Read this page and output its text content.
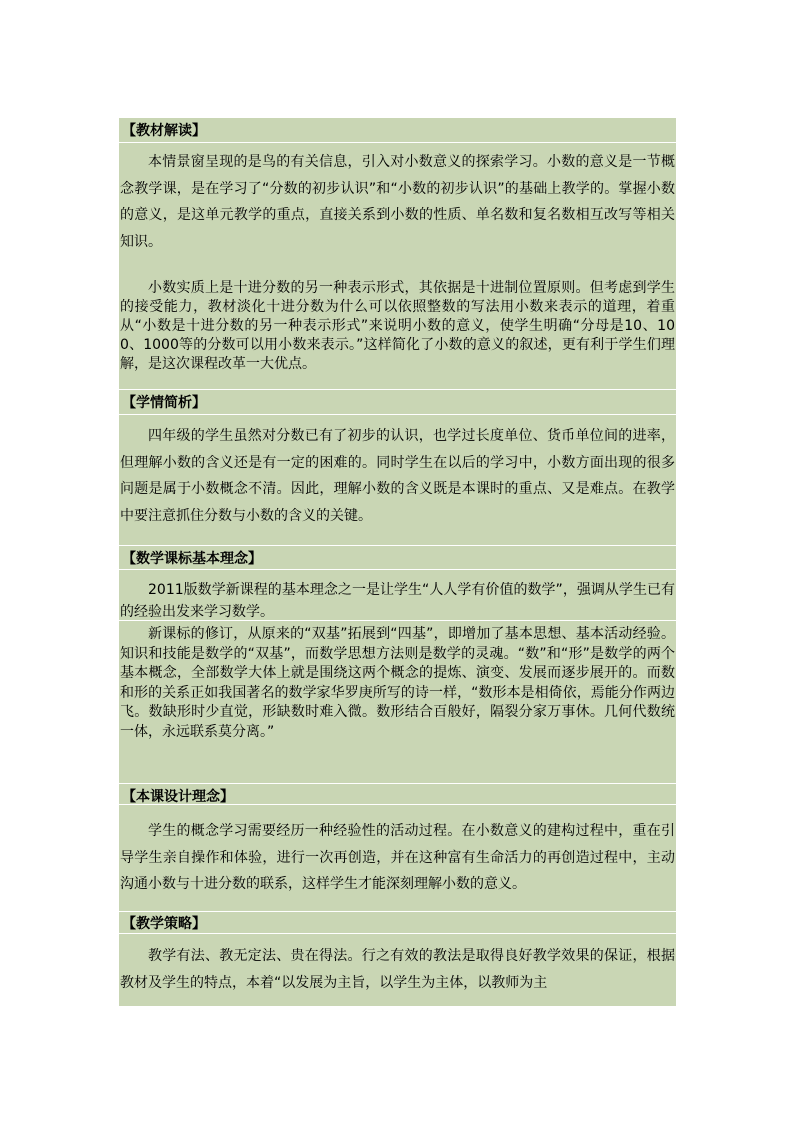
【教材解读】

本情景窗呈现的是鸟的有关信息，引入对小数意义的探索学习。小数的意义是一节概念教学课，是在学习了“分数的初步认识”和“小数的初步认识”的基础上教学的。掌握小数的意义，是这单元教学的重点，直接关系到小数的性质、单名数和复名数相互改写等相关知识。

小数实质上是十进分数的另一种表示形式，其依据是十进制位置原则。但考虑到学生的接受能力，教材淡化十进分数为什么可以依照整数的写法用小数来表示的道理，着重从“小数是十进分数的另一种表示形式”来说明小数的意义，使学生明确“分母是10、100、1000等的分数可以用小数来表示。”这样简化了小数的意义的叙述，更有利于学生们理解，是这次课程改革一大优点。

【学情简析】

四年级的学生虽然对分数已有了初步的认识，也学过长度单位、货币单位间的进率，但理解小数的含义还是有一定的困难的。同时学生在以后的学习中，小数方面出现的很多问题是属于小数概念不清。因此，理解小数的含义既是本课时的重点、又是难点。在教学中要注意抓住分数与小数的含义的关键。

【数学课标基本理念】

2011版数学新课程的基本理念之一是让学生“人人学有价值的数学”，强调从学生已有的经验出发来学习数学。

新课标的修订，从原来的“双基”拓展到“四基”，即增加了基本思想、基本活动经验。知识和技能是数学的“双基”，而数学思想方法则是数学的灵魂。“数”和“形”是数学的两个基本概念，全部数学大体上就是围绕这两个概念的提炼、演变、发展而逐步展开的。而数和形的关系正如我国著名的数学家华罗庚所写的诗一样，“数形本是相倚依，焉能分作两边飞。数缺形时少直觉，形缺数时难入微。数形结合百般好，隔裂分家万事休。几何代数统一体，永远联系莫分离。”

【本课设计理念】

学生的概念学习需要经历一种经验性的活动过程。在小数意义的建构过程中，重在引导学生亲自操作和体验，进行一次再创造，并在这种富有生命活力的再创造过程中，主动沟通小数与十进分数的联系，这样学生才能深刻理解小数的意义。

【教学策略】

教学有法、教无定法、贵在得法。行之有效的教法是取得良好教学效果的保证，根据教材及学生的特点，本着“以发展为主旨，以学生为主体，以教师为主
